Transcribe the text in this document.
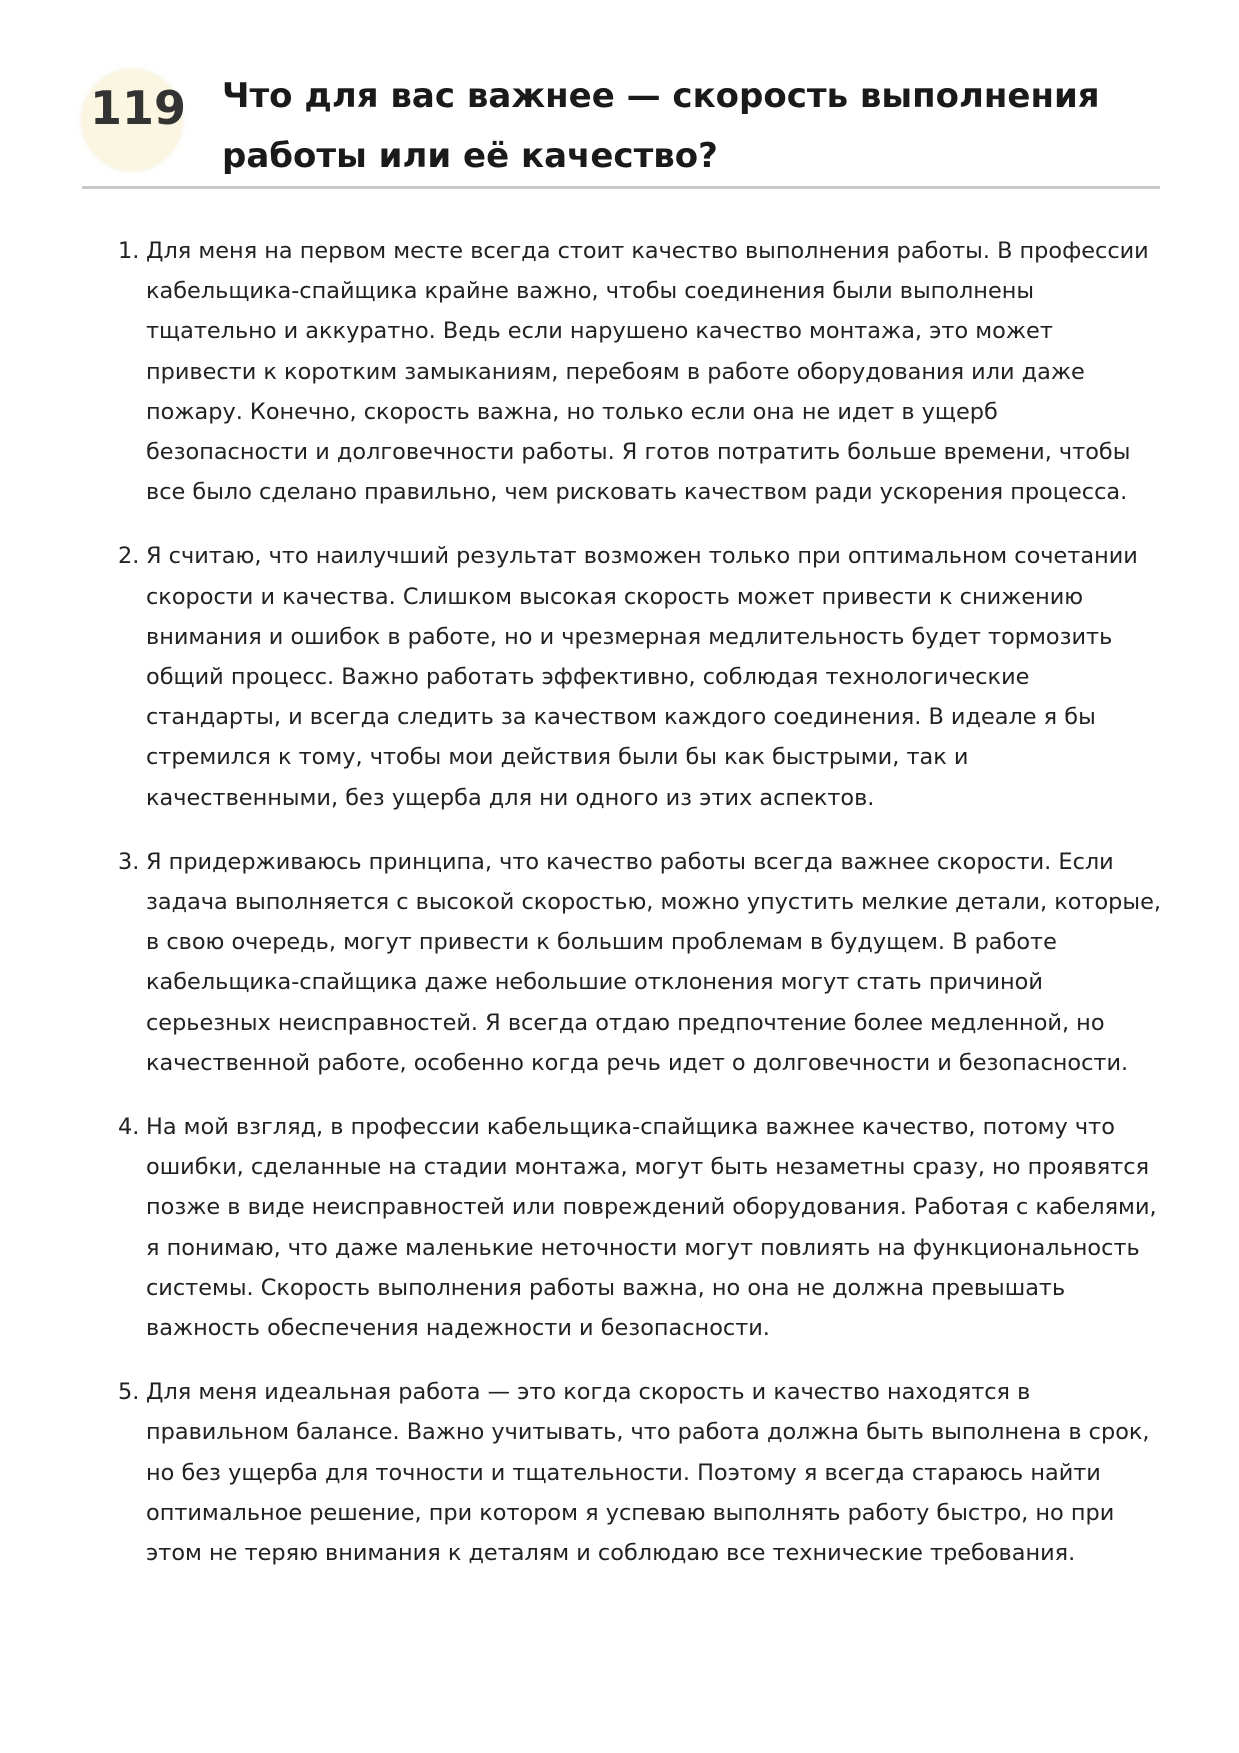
119 Что для вас важнее — скорость выполнения работы или её качество?
1. Для меня на первом месте всегда стоит качество выполнения работы. В профессии кабельщика-спайщика крайне важно, чтобы соединения были выполнены тщательно и аккуратно. Ведь если нарушено качество монтажа, это может привести к коротким замыканиям, перебоям в работе оборудования или даже пожару. Конечно, скорость важна, но только если она не идет в ущерб безопасности и долговечности работы. Я готов потратить больше времени, чтобы все было сделано правильно, чем рисковать качеством ради ускорения процесса.
2. Я считаю, что наилучший результат возможен только при оптимальном сочетании скорости и качества. Слишком высокая скорость может привести к снижению внимания и ошибок в работе, но и чрезмерная медлительность будет тормозить общий процесс. Важно работать эффективно, соблюдая технологические стандарты, и всегда следить за качеством каждого соединения. В идеале я бы стремился к тому, чтобы мои действия были бы как быстрыми, так и качественными, без ущерба для ни одного из этих аспектов.
3. Я придерживаюсь принципа, что качество работы всегда важнее скорости. Если задача выполняется с высокой скоростью, можно упустить мелкие детали, которые, в свою очередь, могут привести к большим проблемам в будущем. В работе кабельщика-спайщика даже небольшие отклонения могут стать причиной серьезных неисправностей. Я всегда отдаю предпочтение более медленной, но качественной работе, особенно когда речь идет о долговечности и безопасности.
4. На мой взгляд, в профессии кабельщика-спайщика важнее качество, потому что ошибки, сделанные на стадии монтажа, могут быть незаметны сразу, но проявятся позже в виде неисправностей или повреждений оборудования. Работая с кабелями, я понимаю, что даже маленькие неточности могут повлиять на функциональность системы. Скорость выполнения работы важна, но она не должна превышать важность обеспечения надежности и безопасности.
5. Для меня идеальная работа — это когда скорость и качество находятся в правильном балансе. Важно учитывать, что работа должна быть выполнена в срок, но без ущерба для точности и тщательности. Поэтому я всегда стараюсь найти оптимальное решение, при котором я успеваю выполнять работу быстро, но при этом не теряю внимания к деталям и соблюдаю все технические требования.
